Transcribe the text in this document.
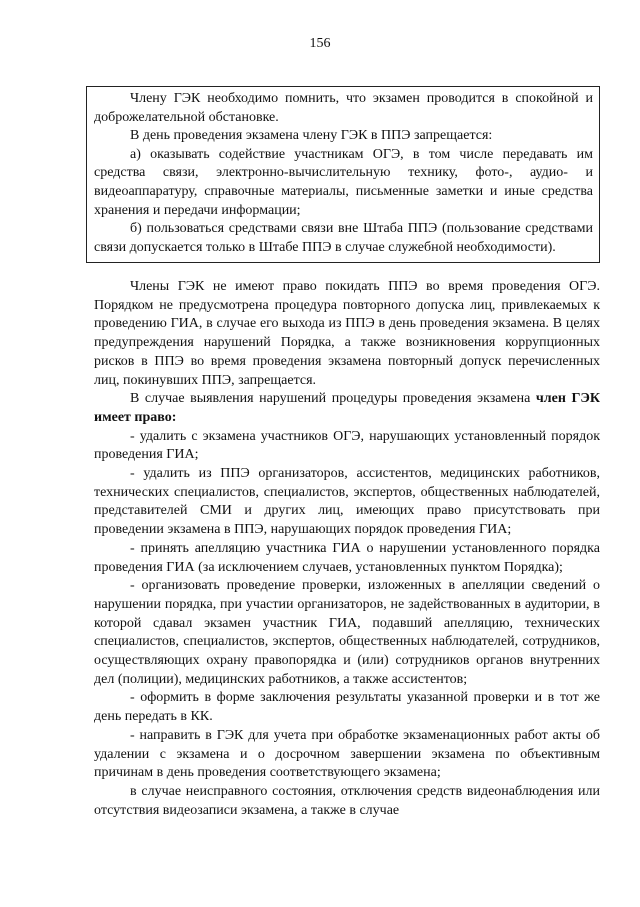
156

Члену ГЭК необходимо помнить, что экзамен проводится в спокойной и доброжелательной обстановке.

В день проведения экзамена члену ГЭК в ППЭ запрещается:

а) оказывать содействие участникам ОГЭ, в том числе передавать им средства связи, электронно-вычислительную технику, фото-, аудио- и видеоаппаратуру, справочные материалы, письменные заметки и иные средства хранения и передачи информации;

б) пользоваться средствами связи вне Штаба ППЭ (пользование средствами связи допускается только в Штабе ППЭ в случае служебной необходимости).

Члены ГЭК не имеют право покидать ППЭ во время проведения ОГЭ. Порядком не предусмотрена процедура повторного допуска лиц, привлекаемых к проведению ГИА, в случае его выхода из ППЭ в день проведения экзамена. В целях предупреждения нарушений Порядка, а также возникновения коррупционных рисков в ППЭ во время проведения экзамена повторный допуск перечисленных лиц, покинувших ППЭ, запрещается.

В случае выявления нарушений процедуры проведения экзамена член ГЭК имеет право:

- удалить с экзамена участников ОГЭ, нарушающих установленный порядок проведения ГИА;

- удалить из ППЭ организаторов, ассистентов, медицинских работников, технических специалистов, специалистов, экспертов, общественных наблюдателей, представителей СМИ и других лиц, имеющих право присутствовать при проведении экзамена в ППЭ, нарушающих порядок проведения ГИА;

- принять апелляцию участника ГИА о нарушении установленного порядка проведения ГИА (за исключением случаев, установленных пунктом Порядка);

- организовать проведение проверки, изложенных в апелляции сведений о нарушении порядка, при участии организаторов, не задействованных в аудитории, в которой сдавал экзамен участник ГИА, подавший апелляцию, технических специалистов, специалистов, экспертов, общественных наблюдателей, сотрудников, осуществляющих охрану правопорядка и (или) сотрудников органов внутренних дел (полиции), медицинских работников, а также ассистентов;

- оформить в форме заключения результаты указанной проверки и в тот же день передать в КК.

- направить в ГЭК для учета при обработке экзаменационных работ акты об удалении с экзамена и о досрочном завершении экзамена по объективным причинам в день проведения соответствующего экзамена;

в случае неисправного состояния, отключения средств видеонаблюдения или отсутствия видеозаписи экзамена, а также в случае
